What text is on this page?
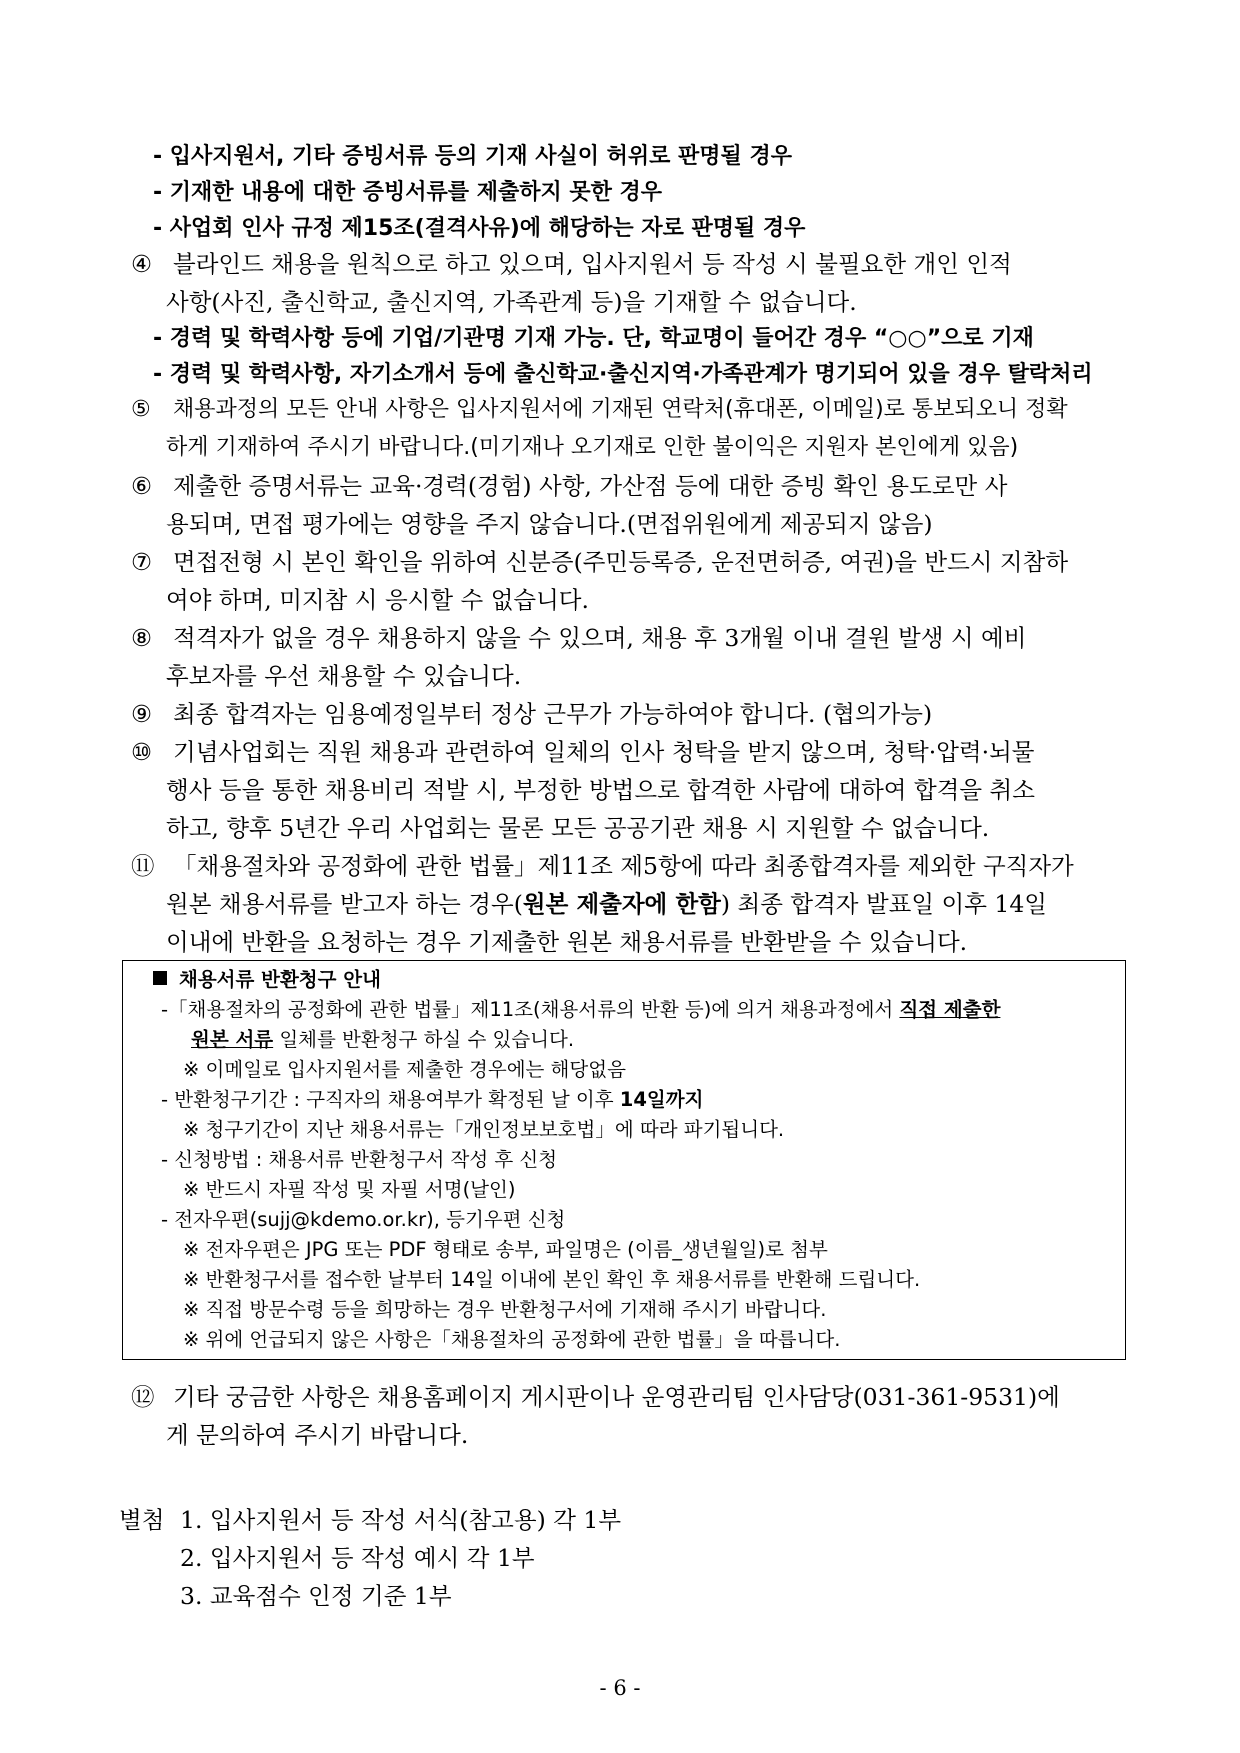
- 입사지원서, 기타 증빙서류 등의 기재 사실이 허위로 판명될 경우
- 기재한 내용에 대한 증빙서류를 제출하지 못한 경우
- 사업회 인사 규정 제15조(결격사유)에 해당하는 자로 판명될 경우
④ 블라인드 채용을 원칙으로 하고 있으며, 입사지원서 등 작성 시 불필요한 개인 인적
사항(사진, 출신학교, 출신지역, 가족관계 등)을 기재할 수 없습니다.
- 경력 및 학력사항 등에 기업/기관명 기재 가능. 단, 학교명이 들어간 경우 “○○”으로 기재
- 경력 및 학력사항, 자기소개서 등에 출신학교·출신지역·가족관계가 명기되어 있을 경우 탈락처리
⑤ 채용과정의 모든 안내 사항은 입사지원서에 기재된 연락처(휴대폰, 이메일)로 통보되오니 정확
하게 기재하여 주시기 바랍니다.(미기재나 오기재로 인한 불이익은 지원자 본인에게 있음)
⑥ 제출한 증명서류는 교육·경력(경험) 사항, 가산점 등에 대한 증빙 확인 용도로만 사
용되며, 면접 평가에는 영향을 주지 않습니다.(면접위원에게 제공되지 않음)
⑦ 면접전형 시 본인 확인을 위하여 신분증(주민등록증, 운전면허증, 여권)을 반드시 지참하
여야 하며, 미지참 시 응시할 수 없습니다.
⑧ 적격자가 없을 경우 채용하지 않을 수 있으며, 채용 후 3개월 이내 결원 발생 시 예비
후보자를 우선 채용할 수 있습니다.
⑨ 최종 합격자는 임용예정일부터 정상 근무가 가능하여야 합니다. (협의가능)
⑩ 기념사업회는 직원 채용과 관련하여 일체의 인사 청탁을 받지 않으며, 청탁·압력·뇌물
행사 등을 통한 채용비리 적발 시, 부정한 방법으로 합격한 사람에 대하여 합격을 취소
하고, 향후 5년간 우리 사업회는 물론 모든 공공기관 채용 시 지원할 수 없습니다.
⑪ 「채용절차와 공정화에 관한 법률」제11조 제5항에 따라 최종합격자를 제외한 구직자가
원본 채용서류를 받고자 하는 경우(원본 제출자에 한함) 최종 합격자 발표일 이후 14일
이내에 반환을 요청하는 경우 기제출한 원본 채용서류를 반환받을 수 있습니다.
채용서류 반환청구 안내
-「채용절차의 공정화에 관한 법률」제11조(채용서류의 반환 등)에 의거 채용과정에서 직접 제출한
원본 서류 일체를 반환청구 하실 수 있습니다.
※ 이메일로 입사지원서를 제출한 경우에는 해당없음
- 반환청구기간 : 구직자의 채용여부가 확정된 날 이후 14일까지
※ 청구기간이 지난 채용서류는「개인정보보호법」에 따라 파기됩니다.
- 신청방법 : 채용서류 반환청구서 작성 후 신청
※ 반드시 자필 작성 및 자필 서명(날인)
- 전자우편(sujj@kdemo.or.kr), 등기우편 신청
※ 전자우편은 JPG 또는 PDF 형태로 송부, 파일명은 (이름_생년월일)로 첨부
※ 반환청구서를 접수한 날부터 14일 이내에 본인 확인 후 채용서류를 반환해 드립니다.
※ 직접 방문수령 등을 희망하는 경우 반환청구서에 기재해 주시기 바랍니다.
※ 위에 언급되지 않은 사항은「채용절차의 공정화에 관한 법률」을 따릅니다.
⑫ 기타 궁금한 사항은 채용홈페이지 게시판이나 운영관리팀 인사담당(031-361-9531)에
게 문의하여 주시기 바랍니다.
별첨 1. 입사지원서 등 작성 서식(참고용) 각 1부
2. 입사지원서 등 작성 예시 각 1부
3. 교육점수 인정 기준 1부
- 6 -
